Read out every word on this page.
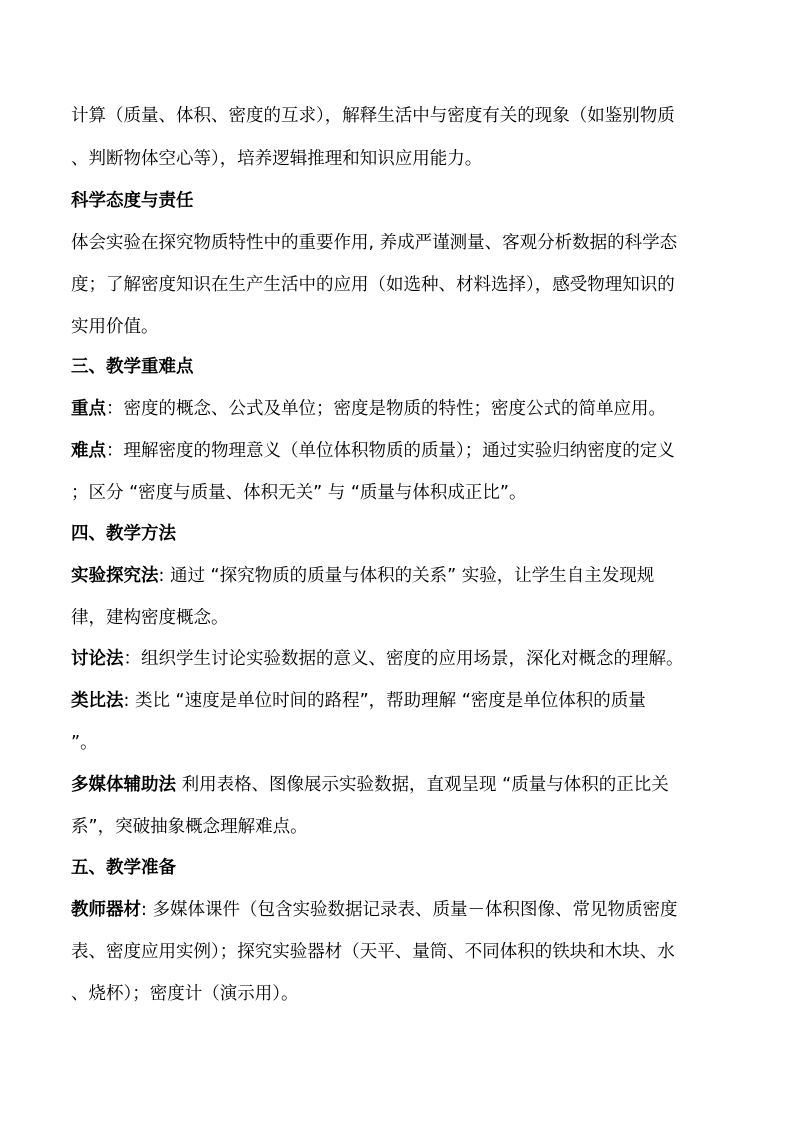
计算（质量、体积、密度的互求），解释生活中与密度有关的现象（如鉴别物质
、判断物体空心等），培养逻辑推理和知识应用能力。
科学态度与责任
体会实验在探究物质特性中的重要作用, 养成严谨测量、客观分析数据的科学态
度；了解密度知识在生产生活中的应用（如选种、材料选择），感受物理知识的
实用价值。
三、教学重难点
重点：密度的概念、公式及单位；密度是物质的特性；密度公式的简单应用。
难点：理解密度的物理意义（单位体积物质的质量）；通过实验归纳密度的定义
；区分 “密度与质量、体积无关” 与 “质量与体积成正比”。
四、教学方法
实验探究法: 通过 “探究物质的质量与体积的关系” 实验，让学生自主发现规
律，建构密度概念。
讨论法：组织学生讨论实验数据的意义、密度的应用场景，深化对概念的理解。
类比法: 类比 “速度是单位时间的路程”，帮助理解 “密度是单位体积的质量
”。
多媒体辅助法 利用表格、图像展示实验数据，直观呈现 “质量与体积的正比关
系”，突破抽象概念理解难点。
五、教学准备
教师器材: 多媒体课件（包含实验数据记录表、质量－体积图像、常见物质密度
表、密度应用实例）；探究实验器材（天平、量筒、不同体积的铁块和木块、水
、烧杯）；密度计（演示用）。
